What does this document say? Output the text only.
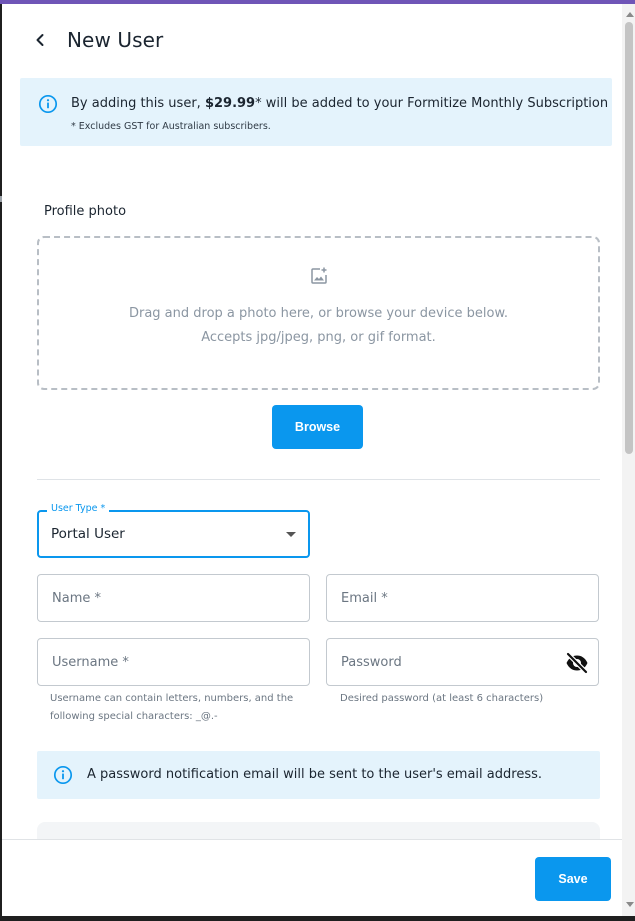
New User
By adding this user, $29.99* will be added to your Formitize Monthly Subscription
* Excludes GST for Australian subscribers.
Profile photo
Drag and drop a photo here, or browse your device below.
Accepts jpg/jpeg, png, or gif format.
Browse
User Type *
Portal User
Name *	Email *
Username *
Username can contain letters, numbers, and the
following special characters: _@.-
Password
Desired password (at least 6 characters)
A password notification email will be sent to the user's email address.
Save
